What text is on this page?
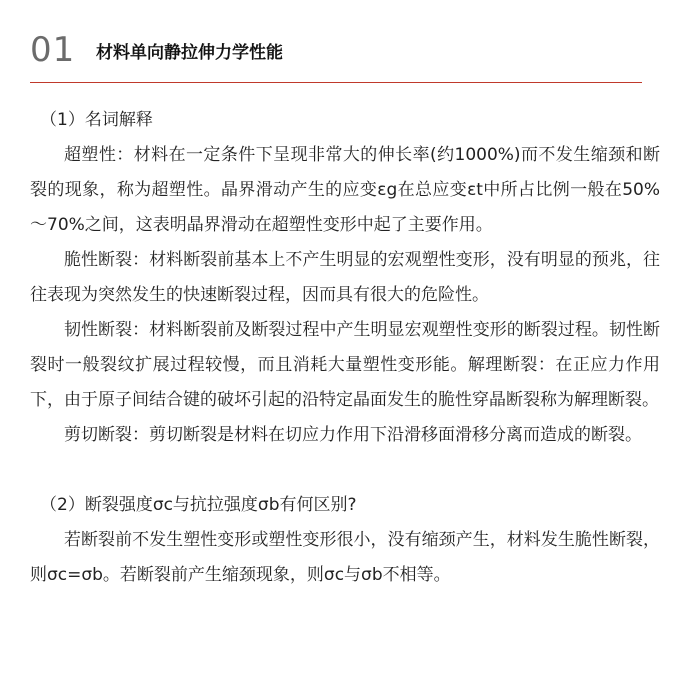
01 材料单向静拉伸力学性能

（1）名词解释

超塑性：材料在一定条件下呈现非常大的伸长率(约1000%)而不发生缩颈和断裂的现象，称为超塑性。晶界滑动产生的应变εg在总应变εt中所占比例一般在50%～70%之间，这表明晶界滑动在超塑性变形中起了主要作用。

脆性断裂：材料断裂前基本上不产生明显的宏观塑性变形，没有明显的预兆，往往表现为突然发生的快速断裂过程，因而具有很大的危险性。

韧性断裂：材料断裂前及断裂过程中产生明显宏观塑性变形的断裂过程。韧性断裂时一般裂纹扩展过程较慢，而且消耗大量塑性变形能。解理断裂：在正应力作用下，由于原子间结合键的破坏引起的沿特定晶面发生的脆性穿晶断裂称为解理断裂。

剪切断裂：剪切断裂是材料在切应力作用下沿滑移面滑移分离而造成的断裂。

（2）断裂强度σc与抗拉强度σb有何区别?

若断裂前不发生塑性变形或塑性变形很小，没有缩颈产生，材料发生脆性断裂，则σc=σb。若断裂前产生缩颈现象，则σc与σb不相等。
